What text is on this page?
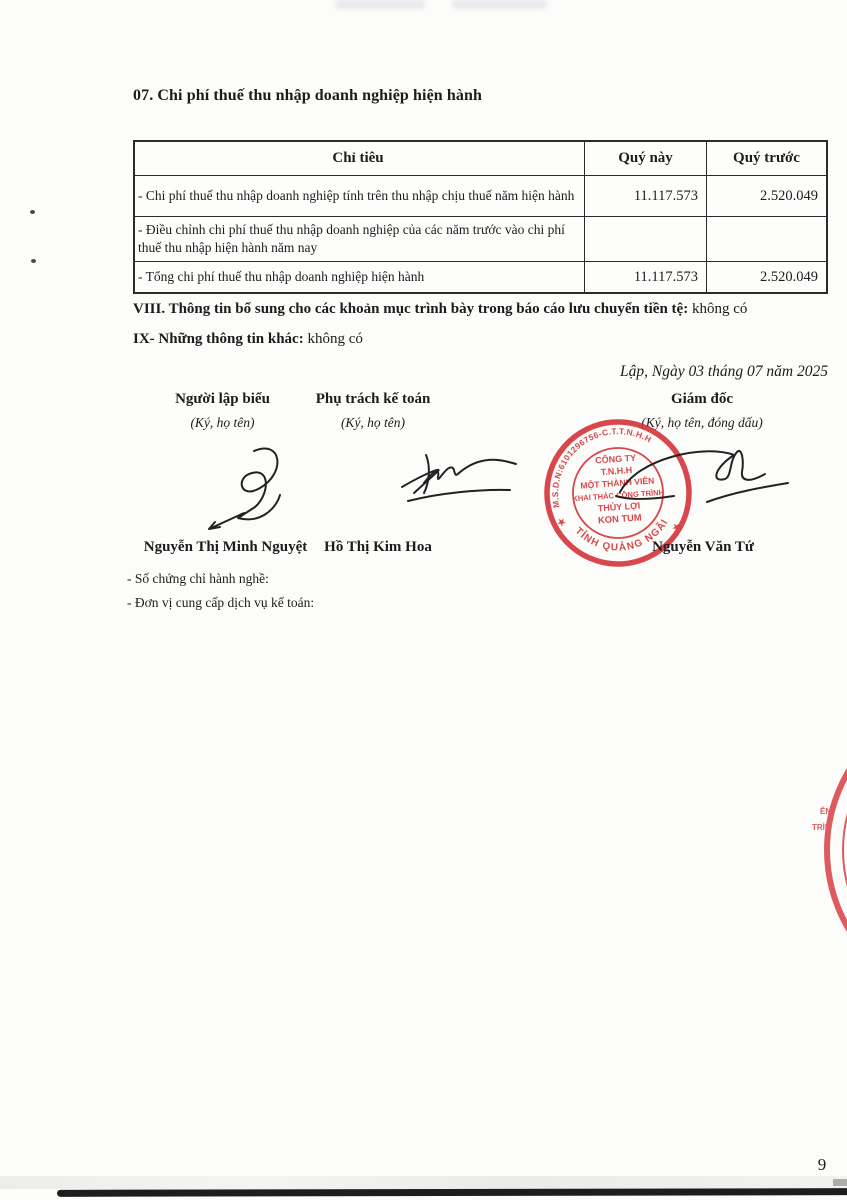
07. Chi phí thuế thu nhập doanh nghiệp hiện hành
Chỉ tiêu	Quý này	Quý trước
- Chi phí thuế thu nhập doanh nghiệp tính trên thu nhập chịu thuế năm hiện hành	11.117.573	2.520.049
- Điều chỉnh chi phí thuế thu nhập doanh nghiệp của các năm trước vào chi phí thuế thu nhập hiện hành năm nay
- Tổng chi phí thuế thu nhập doanh nghiệp hiện hành	11.117.573	2.520.049
VIII. Thông tin bổ sung cho các khoản mục trình bày trong báo cáo lưu chuyển tiền tệ: không có
IX- Những thông tin khác: không có
Lập, Ngày 03 tháng 07 năm 2025
Người lập biểu
(Ký, họ tên)
Phụ trách kế toán
(Ký, họ tên)
Giám đốc
(Ký, họ tên, đóng dấu)
M.S.D.N:6101296756-C.T.T.N.H.H
TỈNH QUẢNG NGÃI
★	★
CÔNG TY
T.N.H.H
MỘT THÀNH VIÊN
KHAI THÁC CÔNG TRÌNH
THỦY LỢI
KON TUM
Nguyễn Thị Minh Nguyệt	Hồ Thị Kim Hoa	Nguyễn Văn Tứ
- Số chứng chỉ hành nghề:
- Đơn vị cung cấp dịch vụ kế toán:
ÊN
TRÌN
9
